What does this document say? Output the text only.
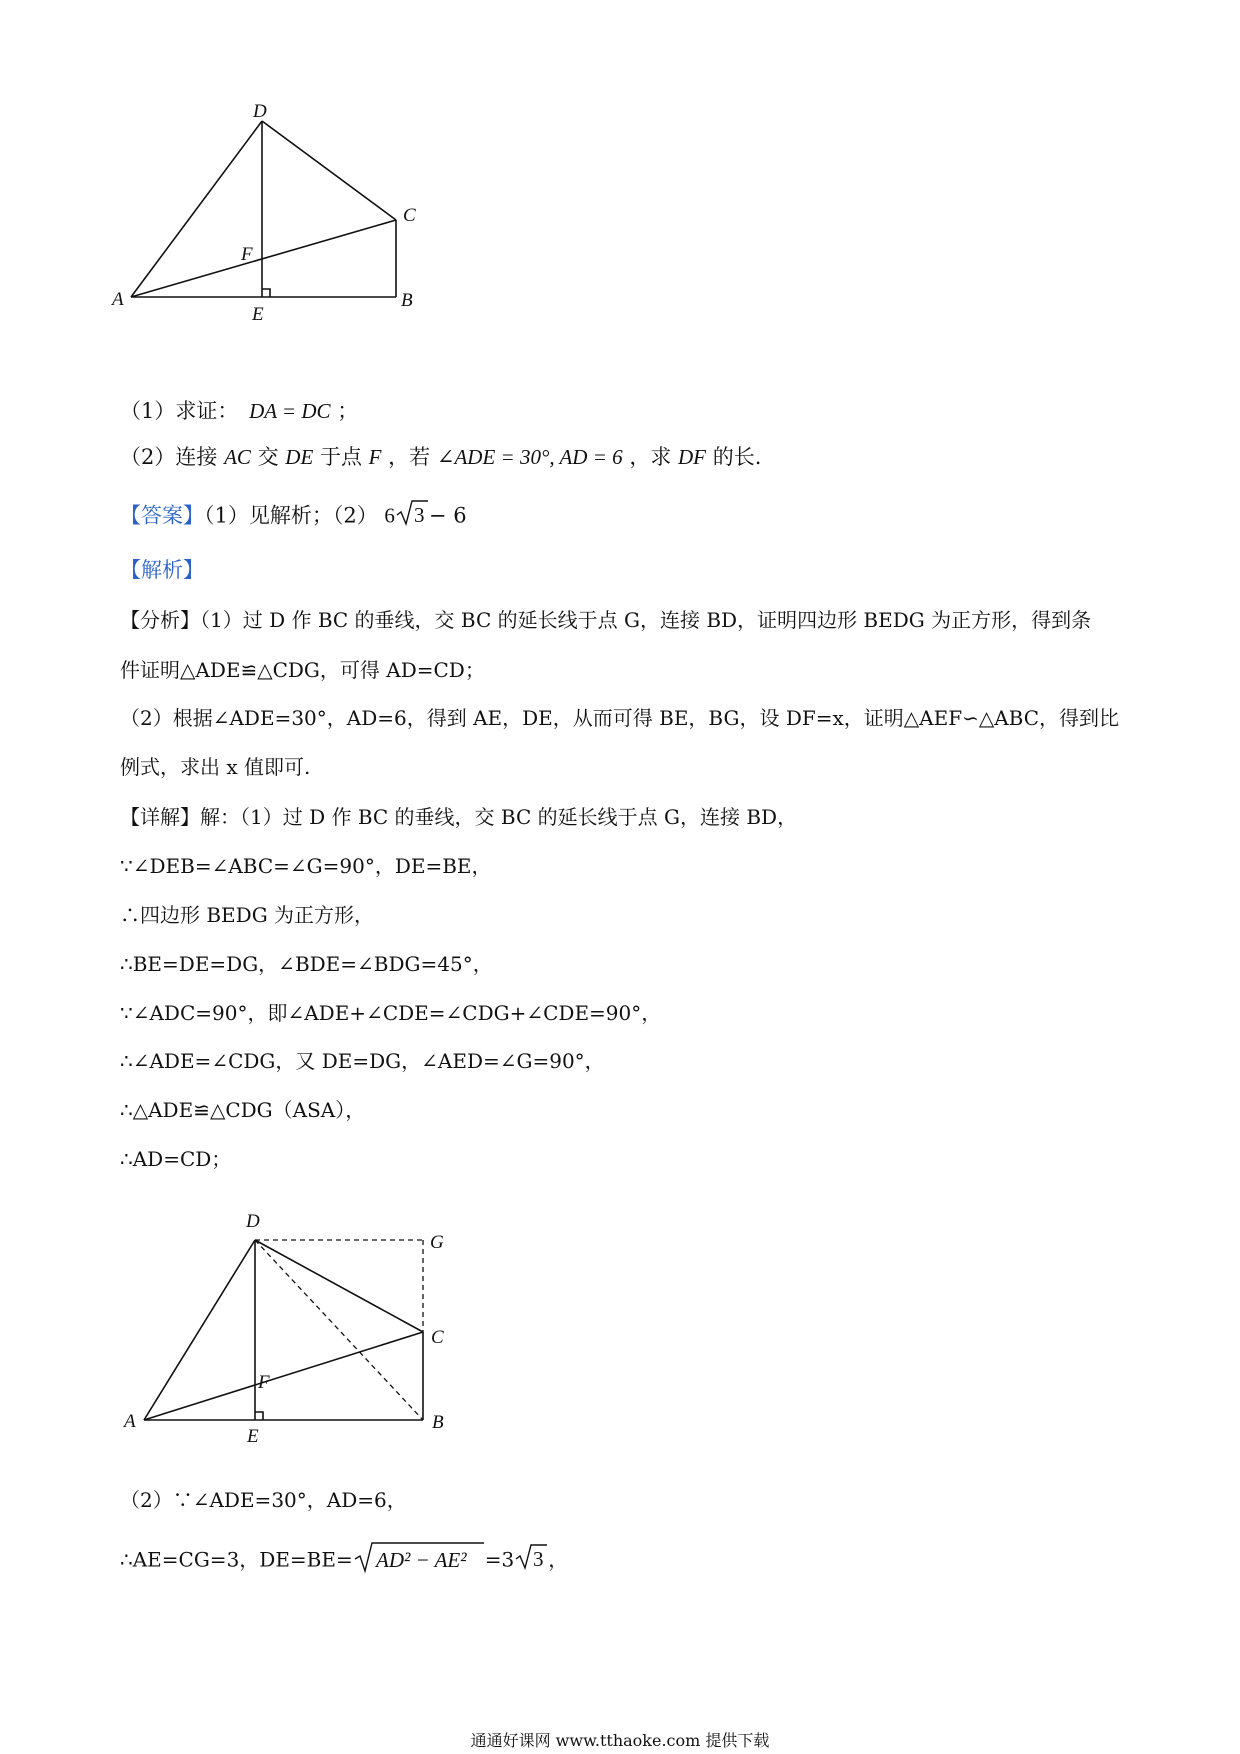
D
C
F
A
E
B
（1）求证： DA = DC ；
（2）连接 AC 交 DE 于点 F ，若 ∠ADE = 30°, AD = 6 ，求 DF 的长.
【答案】（1）见解析；（2） 6 3 − 6
【解析】
【分析】（1）过 D 作 BC 的垂线，交 BC 的延长线于点 G，连接 BD，证明四边形 BEDG 为正方形，得到条
件证明△ADE≌△CDG，可得 AD=CD；
（2）根据∠ADE=30°，AD=6，得到 AE，DE，从而可得 BE，BG，设 DF=x，证明△AEF∽△ABC，得到比
例式，求出 x 值即可.
【详解】解：（1）过 D 作 BC 的垂线，交 BC 的延长线于点 G，连接 BD，
∵∠DEB=∠ABC=∠G=90°，DE=BE，
∴四边形 BEDG 为正方形，
∴BE=DE=DG，∠BDE=∠BDG=45°，
∵∠ADC=90°，即∠ADE+∠CDE=∠CDG+∠CDE=90°，
∴∠ADE=∠CDG，又 DE=DG，∠AED=∠G=90°，
∴△ADE≌△CDG（ASA），
∴AD=CD；
D
G
C
F
A
E
B
（2）∵∠ADE=30°，AD=6，
∴AE=CG=3，DE=BE= AD² − AE² =3 3 ，
通通好课网 www.tthaoke.com 提供下载
